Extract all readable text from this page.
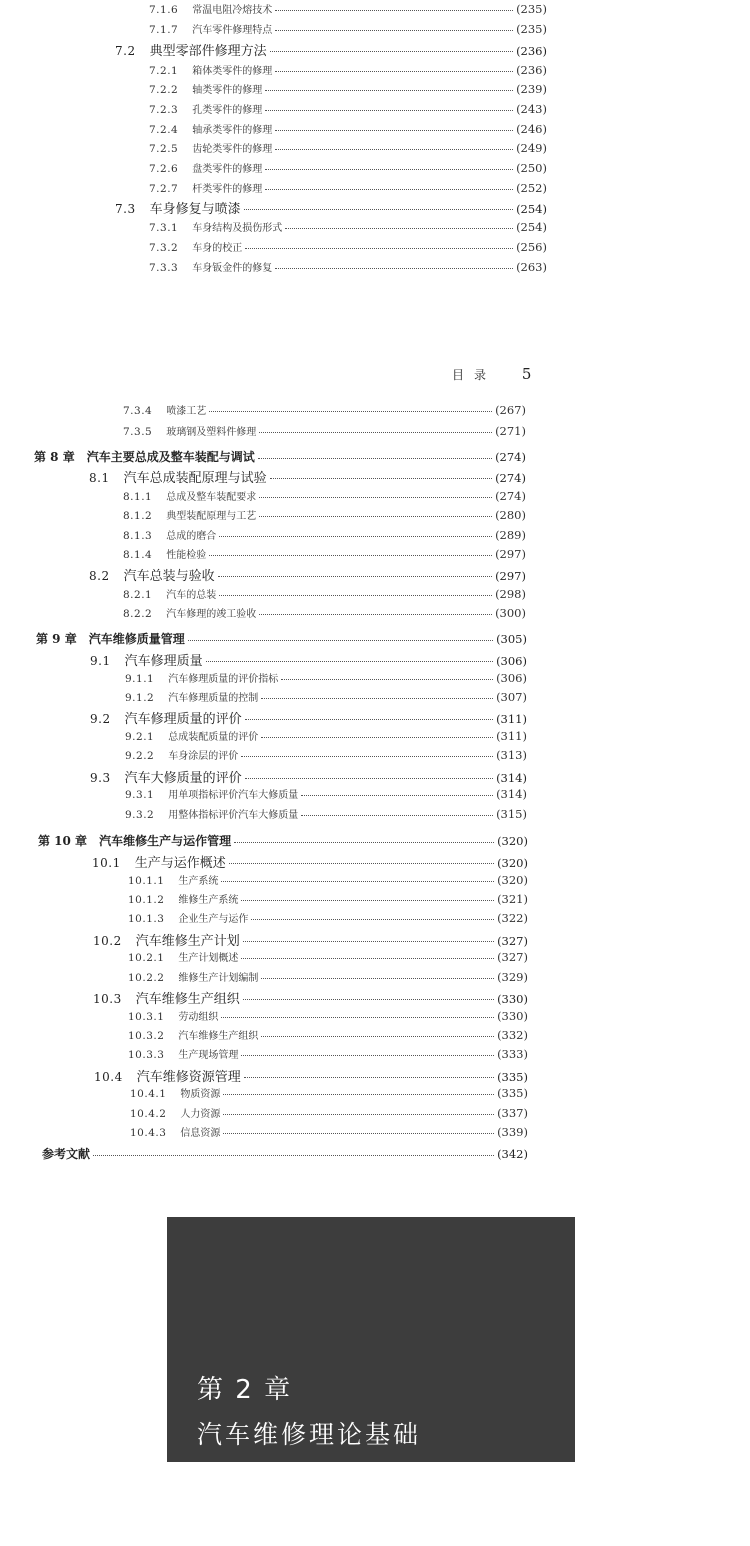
7.1.6 常温电阻冷熔技术	(235)
7.1.7 汽车零件修理特点	(235)
7.2 典型零部件修理方法	(236)
7.2.1 箱体类零件的修理	(236)
7.2.2 轴类零件的修理	(239)
7.2.3 孔类零件的修理	(243)
7.2.4 轴承类零件的修理	(246)
7.2.5 齿轮类零件的修理	(249)
7.2.6 盘类零件的修理	(250)
7.2.7 杆类零件的修理	(252)
7.3 车身修复与喷漆	(254)
7.3.1 车身结构及损伤形式	(254)
7.3.2 车身的校正	(256)
7.3.3 车身钣金件的修复	(263)
目录 5
7.3.4 喷漆工艺	(267)
7.3.5 玻璃钢及塑料件修理	(271)
第 8 章 汽车主要总成及整车装配与调试	(274)
8.1 汽车总成装配原理与试验	(274)
8.1.1 总成及整车装配要求	(274)
8.1.2 典型装配原理与工艺	(280)
8.1.3 总成的磨合	(289)
8.1.4 性能检验	(297)
8.2 汽车总装与验收	(297)
8.2.1 汽车的总装	(298)
8.2.2 汽车修理的竣工验收	(300)
第 9 章 汽车维修质量管理	(305)
9.1 汽车修理质量	(306)
9.1.1 汽车修理质量的评价指标	(306)
9.1.2 汽车修理质量的控制	(307)
9.2 汽车修理质量的评价	(311)
9.2.1 总成装配质量的评价	(311)
9.2.2 车身涂层的评价	(313)
9.3 汽车大修质量的评价	(314)
9.3.1 用单项指标评价汽车大修质量	(314)
9.3.2 用整体指标评价汽车大修质量	(315)
第 10 章 汽车维修生产与运作管理	(320)
10.1 生产与运作概述	(320)
10.1.1 生产系统	(320)
10.1.2 维修生产系统	(321)
10.1.3 企业生产与运作	(322)
10.2 汽车维修生产计划	(327)
10.2.1 生产计划概述	(327)
10.2.2 维修生产计划编制	(329)
10.3 汽车维修生产组织	(330)
10.3.1 劳动组织	(330)
10.3.2 汽车维修生产组织	(332)
10.3.3 生产现场管理	(333)
10.4 汽车维修资源管理	(335)
10.4.1 物质资源	(335)
10.4.2 人力资源	(337)
10.4.3 信息资源	(339)
参考文献	(342)
第 2 章
汽车维修理论基础
